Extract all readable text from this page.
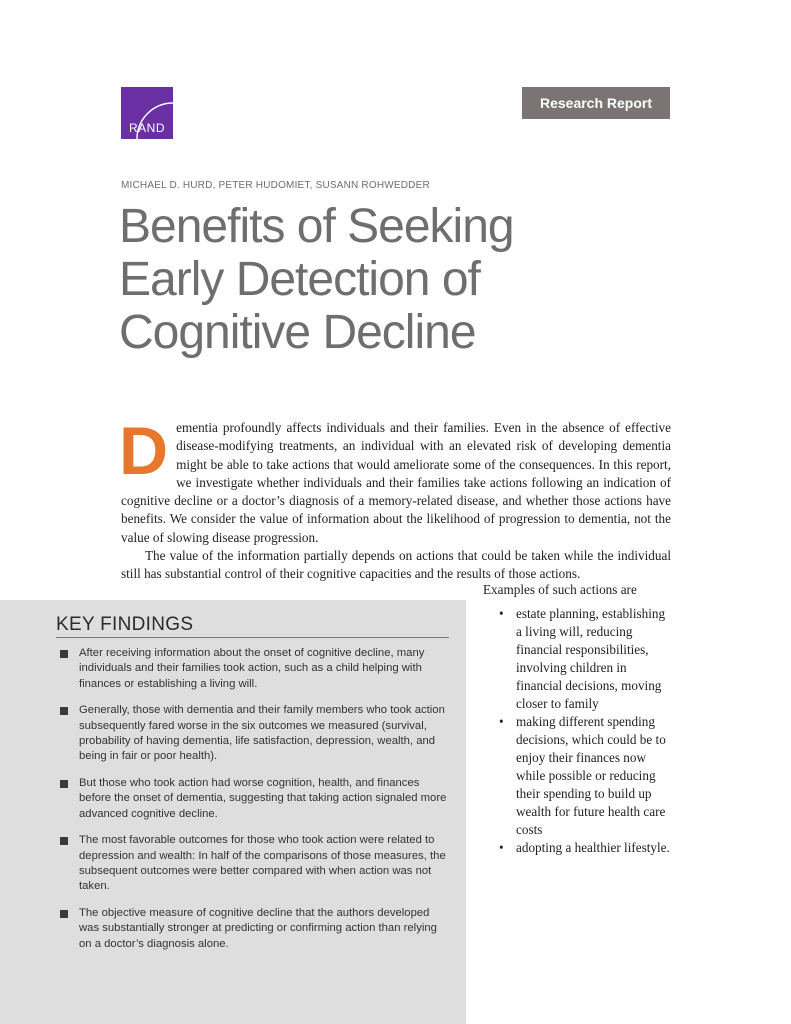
RAND
Research Report
MICHAEL D. HURD, PETER HUDOMIET, SUSANN ROHWEDDER
Benefits of Seeking
Early Detection of
Cognitive Decline
D ementia profoundly affects individuals and their families. Even in the absence of effective disease-modifying treatments, an individual with an elevated risk of developing dementia might be able to take actions that would ameliorate some of the consequences. In this report, we investigate whether individuals and their families take actions following an indication of cognitive decline or a doctor’s diagnosis of a memory-related disease, and whether those actions have benefits. We consider the value of information about the likelihood of progression to dementia, not the value of slowing disease progression.

The value of the information partially depends on actions that could be taken while the individual still has substantial control of their cognitive capacities and the results of those actions.

Examples of such actions are
• estate planning, establishing a living will, reducing financial responsibilities, involving children in financial decisions, moving closer to family
• making different spending decisions, which could be to enjoy their finances now while possible or reducing their spending to build up wealth for future health care costs
• adopting a healthier lifestyle.
KEY FINDINGS
After receiving information about the onset of cognitive decline, many individuals and their families took action, such as a child helping with finances or establishing a living will.
Generally, those with dementia and their family members who took action subsequently fared worse in the six outcomes we measured (survival, probability of having dementia, life satisfaction, depression, wealth, and being in fair or poor health).
But those who took action had worse cognition, health, and finances before the onset of dementia, suggesting that taking action signaled more advanced cognitive decline.
The most favorable outcomes for those who took action were related to depression and wealth: In half of the comparisons of those measures, the subsequent outcomes were better compared with when action was not taken.
The objective measure of cognitive decline that the authors developed was substantially stronger at predicting or confirming action than relying on a doctor’s diagnosis alone.
